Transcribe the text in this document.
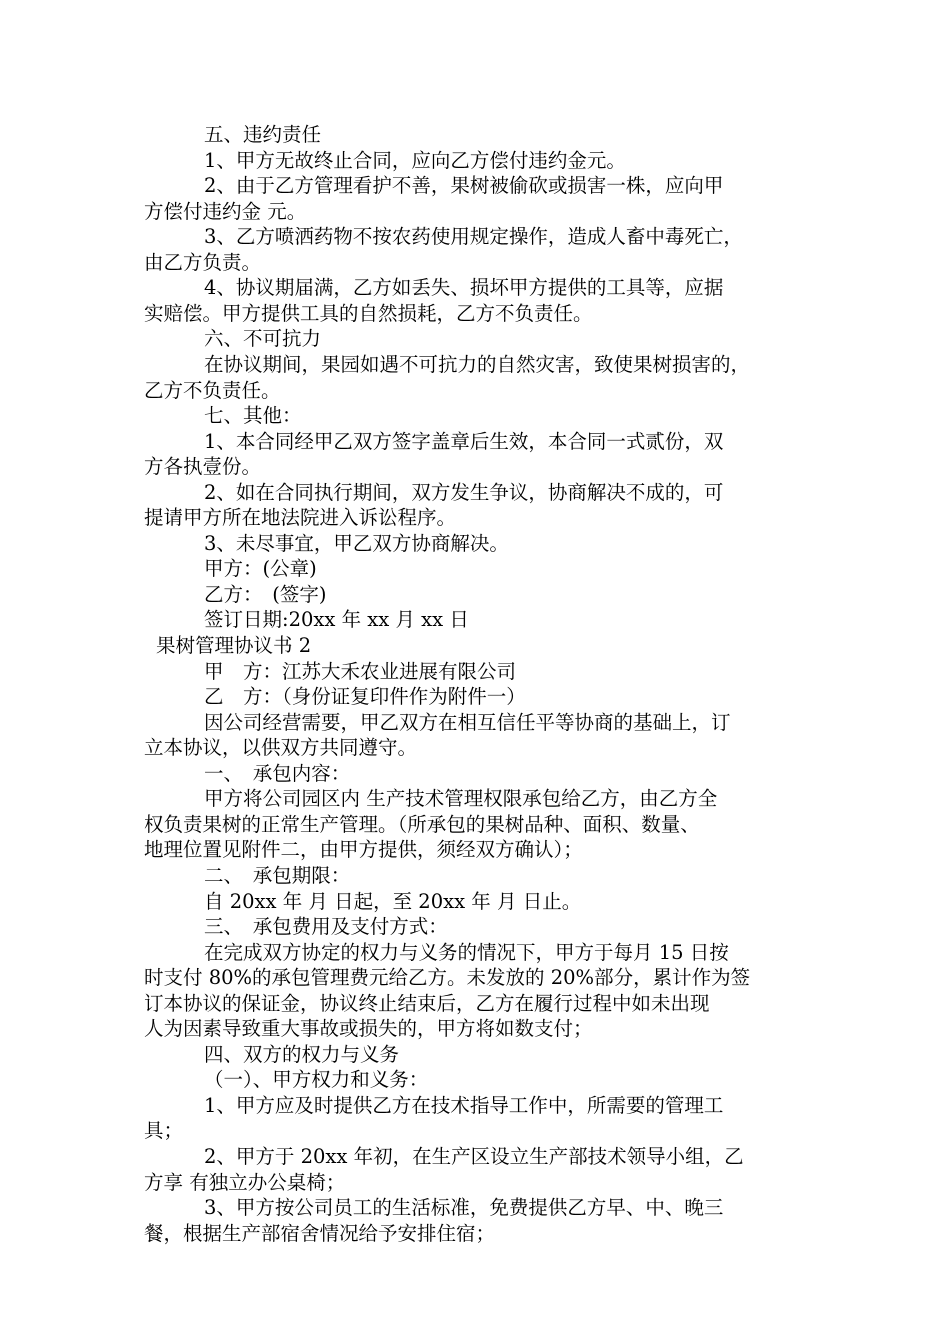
五、违约责任
1、甲方无故终止合同，应向乙方偿付违约金元。
2、由于乙方管理看护不善，果树被偷砍或损害一株，应向甲
方偿付违约金 元。
3、乙方喷洒药物不按农药使用规定操作，造成人畜中毒死亡，
由乙方负责。
4、协议期届满，乙方如丢失、损坏甲方提供的工具等，应据
实赔偿。甲方提供工具的自然损耗，乙方不负责任。
六、不可抗力
在协议期间，果园如遇不可抗力的自然灾害，致使果树损害的，
乙方不负责任。
七、其他：
1、本合同经甲乙双方签字盖章后生效，本合同一式贰份，双
方各执壹份。
2、如在合同执行期间，双方发生争议，协商解决不成的，可
提请甲方所在地法院进入诉讼程序。
3、未尽事宜，甲乙双方协商解决。
甲方：(公章)
乙方：　(签字)
签订日期:20xx 年 xx 月 xx 日
果树管理协议书 2
甲　方：江苏大禾农业进展有限公司
乙　方：（身份证复印件作为附件一）
因公司经营需要，甲乙双方在相互信任平等协商的基础上，订
立本协议，以供双方共同遵守。
一、　承包内容：
甲方将公司园区内 生产技术管理权限承包给乙方，由乙方全
权负责果树的正常生产管理。（所承包的果树品种、面积、数量、
地理位置见附件二，由甲方提供，须经双方确认）；
二、　承包期限：
自 20xx 年 月 日起，至 20xx 年 月 日止。
三、　承包费用及支付方式：
在完成双方协定的权力与义务的情况下，甲方于每月 15 日按
时支付 80%的承包管理费元给乙方。未发放的 20%部分，累计作为签
订本协议的保证金，协议终止结束后，乙方在履行过程中如未出现
人为因素导致重大事故或损失的，甲方将如数支付；
四、双方的权力与义务
（一）、甲方权力和义务：
1、甲方应及时提供乙方在技术指导工作中，所需要的管理工
具；
2、甲方于 20xx 年初，在生产区设立生产部技术领导小组，乙
方享 有独立办公桌椅；
3、甲方按公司员工的生活标准，免费提供乙方早、中、晚三
餐，根据生产部宿舍情况给予安排住宿；
